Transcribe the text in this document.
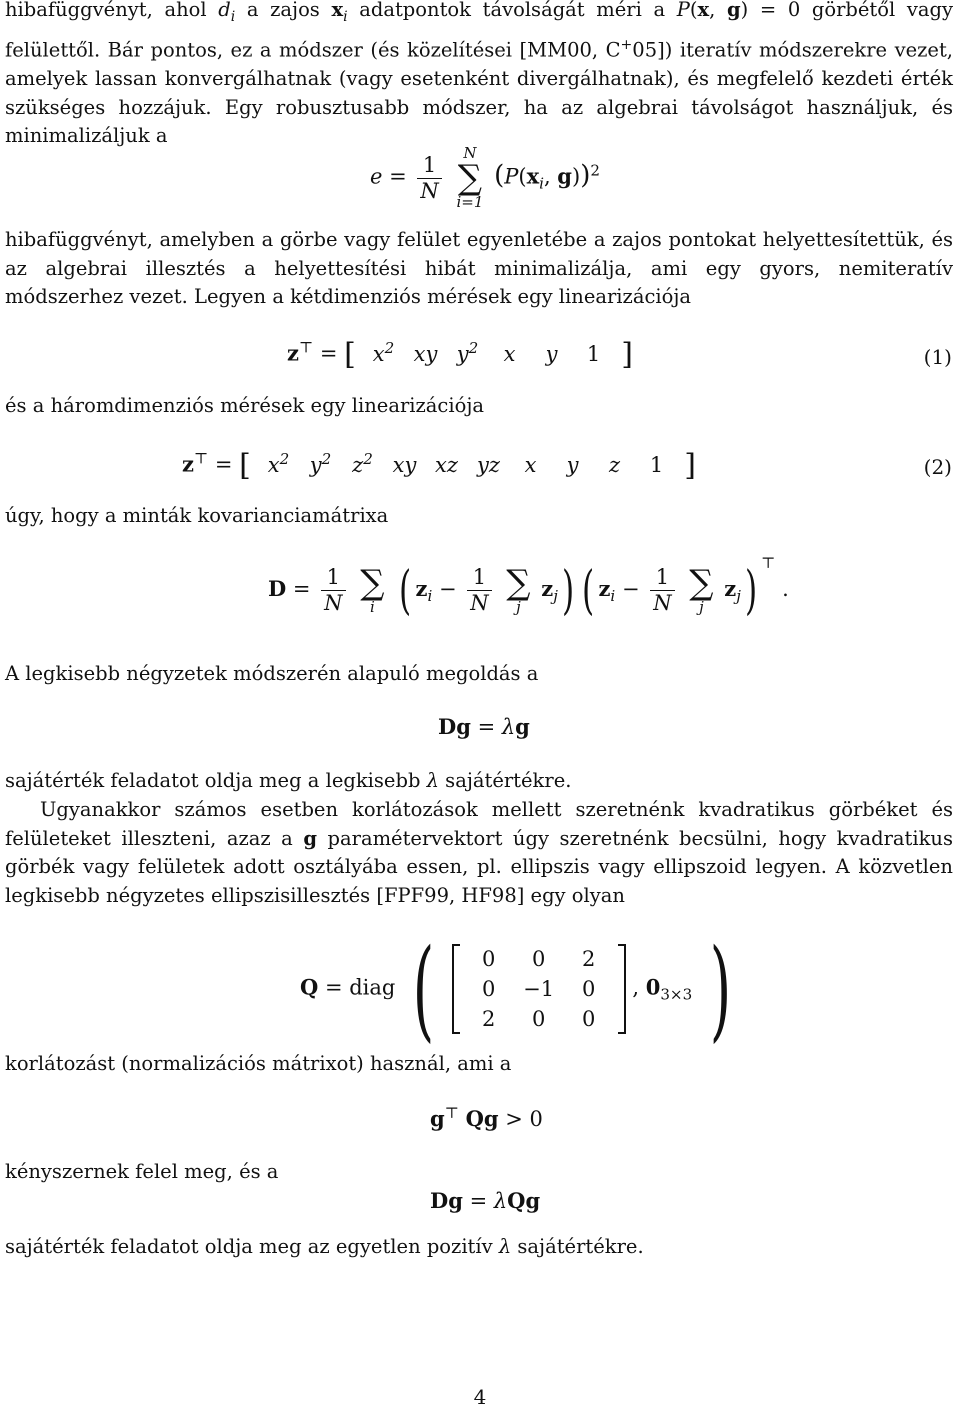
hibafüggvényt, ahol $d_i$ a zajos $x_i$ adatpontok távolságát méri a P(x, g) = 0 görbétől vagy felülettől. Bár pontos, ez a módszer (és közelítései [MM00, C+05]) iteratív módszerekre vezet, amelyek lassan konvergálhatnak (vagy esetenként divergálhatnak), és megfelelő kezdeti érték szükséges hozzájuk. Egy robusztusabb módszer, ha az algebrai távolságot használjuk, és minimalizáljuk a

$e = \frac{1}{N}$

N
∑
i=1
($P(x_i$, g))$^2$

hibafüggvényt, amelyben a görbe vagy felület egyenletébe a zajos pontokat helyettesítettük, és az algebrai illesztés a helyettesítési hibát minimalizálja, ami egy gyors, nemiteratív módszerhez vezet. Legyen a kétdimenziós mérések egy linearizációja

z⊤ = [ $x^2$ xy $y^2$ x y 1 ]	(1)

és a háromdimenziós mérések egy linearizációja

z⊤ = [ $x^2$ $y^2$ $z^2$ xy xz yz x y z 1 ]	(2)

úgy, hogy a minták kovarianciamátrixa

$D = \frac{1}{N}$
∑
i ( $z_i - \frac{1}{N}$
∑
j
$z_j$) ( $z_i - \frac{1}{N}$
∑
j
$z_j$) ⊤ .

A legkisebb négyzetek módszerén alapuló megoldás a

Dg = λg

sajátérték feladatot oldja meg a legkisebb λ sajátértékre.

Ugyanakkor számos esetben korlátozások mellett szeretnénk kvadratikus görbéket és felületeket illeszteni, azaz a g paramétervektort úgy szeretnénk becsülni, hogy kvadratikus görbék vagy felületek adott osztályába essen, pl. ellipszis vagy ellipszoid legyen. A közvetlen legkisebb négyzetes ellipszisillesztés [FPF99, HF98] egy olyan

Q = diag (	0 0 2
0 −1 0
2 0 0
, $0_{3\times 3}$ )

korlátozást (normalizációs mátrixot) használ, ami a

g⊤ Qg > 0

kényszernek felel meg, és a

Dg = λQg

sajátérték feladatot oldja meg az egyetlen pozitív λ sajátértékre.

4
